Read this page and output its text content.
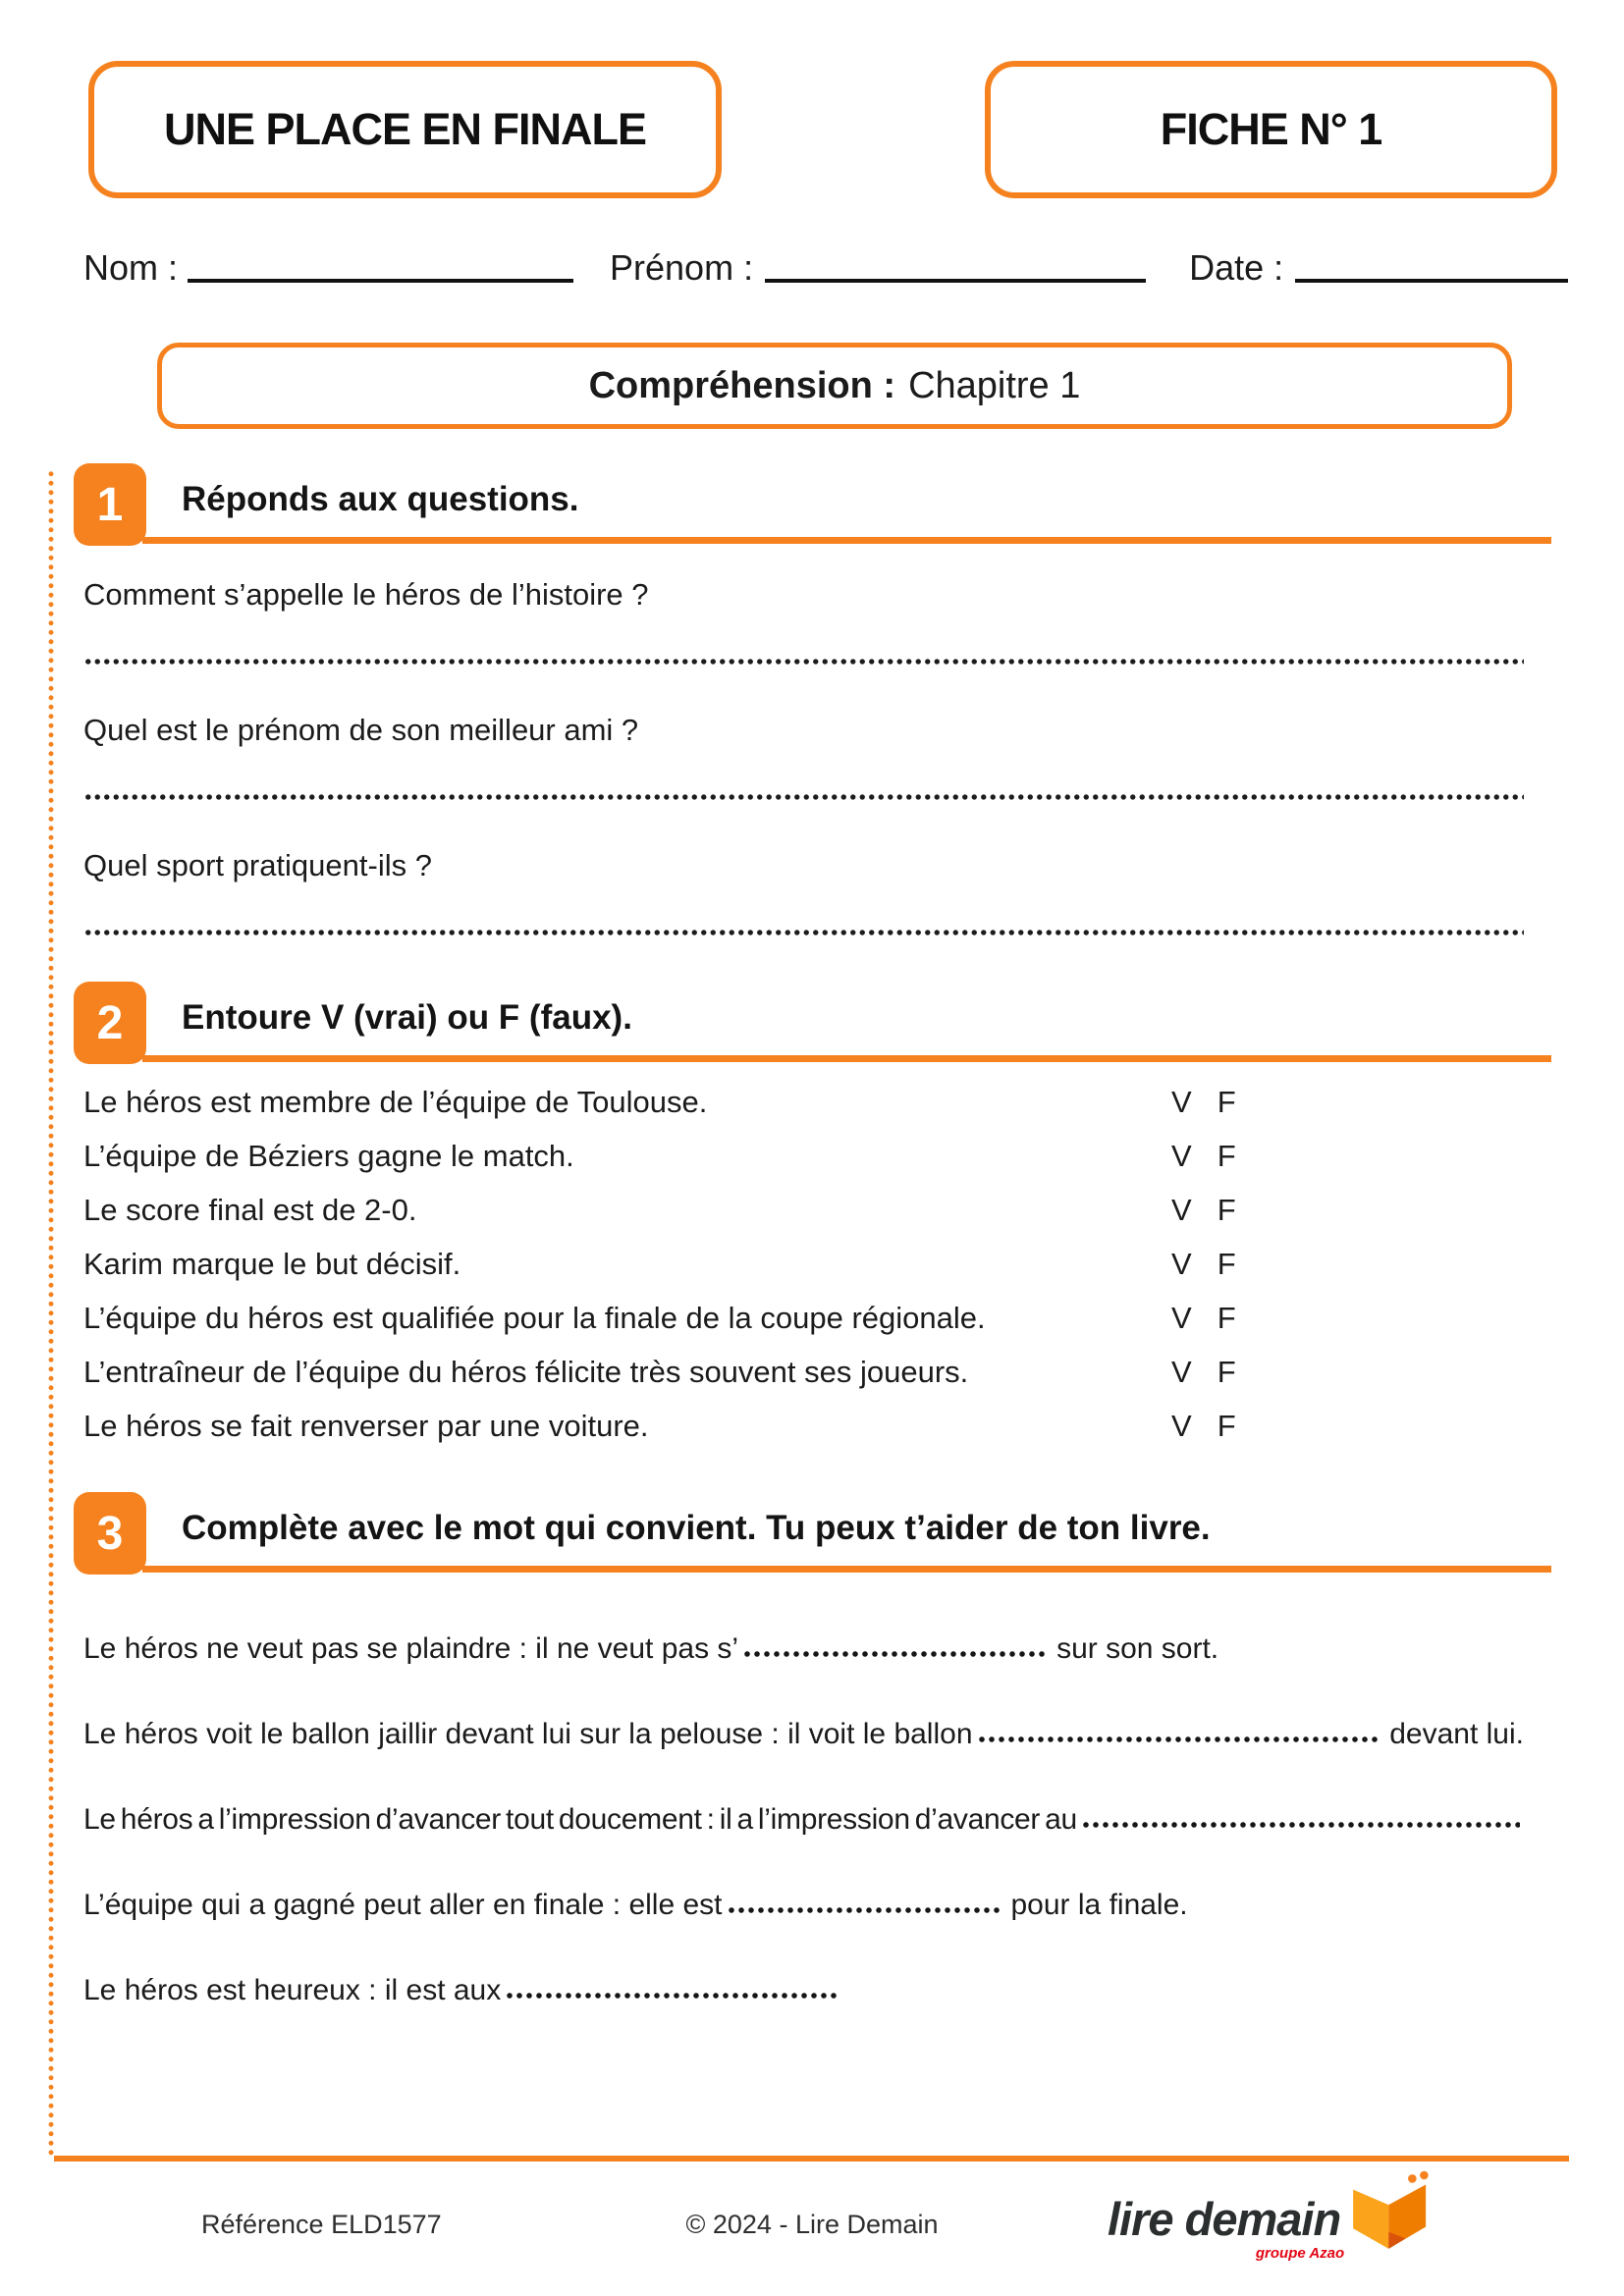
UNE PLACE EN FINALE	FICHE N° 1
Nom :	Prénom :	Date :
Compréhension : Chapitre 1
1	Réponds aux questions.
Comment s’appelle le héros de l’histoire ?
Quel est le prénom de son meilleur ami ?
Quel sport pratiquent-ils ?
2	Entoure V (vrai) ou F (faux).
Le héros est membre de l’équipe de Toulouse.	V F
L’équipe de Béziers gagne le match.	V F
Le score final est de 2-0.	V F
Karim marque le but décisif.	V F
L’équipe du héros est qualifiée pour la finale de la coupe régionale.	V F
L’entraîneur de l’équipe du héros félicite très souvent ses joueurs.	V F
Le héros se fait renverser par une voiture.	V F
3	Complète avec le mot qui convient. Tu peux t’aider de ton livre.
Le héros ne veut pas se plaindre : il ne veut pas s’	sur son sort.
Le héros voit le ballon jaillir devant lui sur la pelouse : il voit le ballon	devant lui.
Le héros a l’impression d’avancer tout doucement : il a l’impression d’avancer au
L’équipe qui a gagné peut aller en finale : elle est	pour la finale.
Le héros est heureux : il est aux
Référence ELD1577	© 2024 - Lire Demain	lire demain
groupe Azao
